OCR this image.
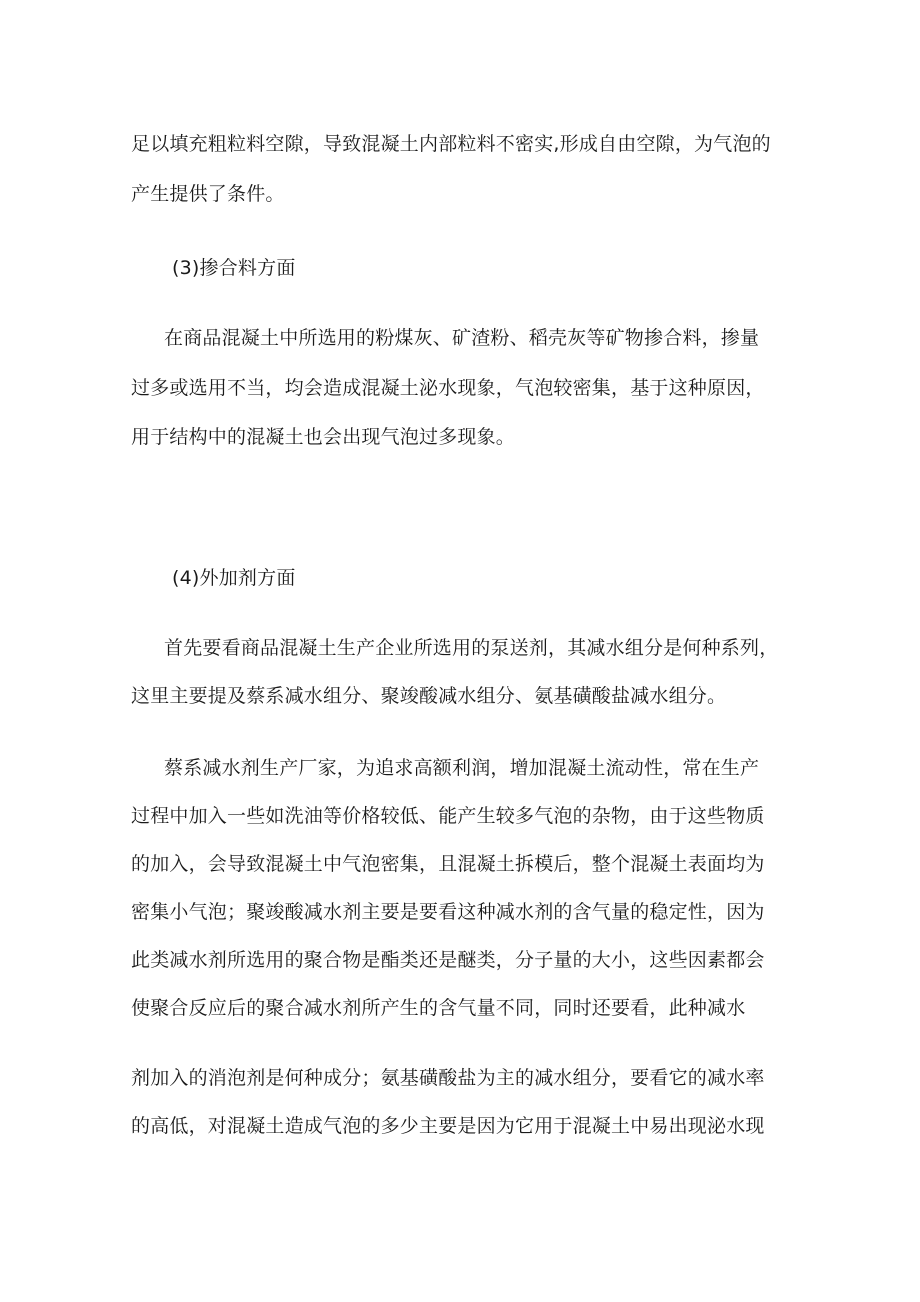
足以填充粗粒料空隙，导致混凝土内部粒料不密实,形成自由空隙，为气泡的
产生提供了条件。
(3)掺合料方面
在商品混凝土中所选用的粉煤灰、矿渣粉、稻壳灰等矿物掺合料，掺量
过多或选用不当，均会造成混凝土泌水现象，气泡较密集，基于这种原因，
用于结构中的混凝土也会出现气泡过多现象。
(4)外加剂方面
首先要看商品混凝土生产企业所选用的泵送剂，其减水组分是何种系列，
这里主要提及蔡系减水组分、聚竣酸减水组分、氨基磺酸盐减水组分。
蔡系减水剂生产厂家，为追求高额利润，增加混凝土流动性，常在生产
过程中加入一些如洗油等价格较低、能产生较多气泡的杂物，由于这些物质
的加入，会导致混凝土中气泡密集，且混凝土拆模后，整个混凝土表面均为
密集小气泡；聚竣酸减水剂主要是要看这种减水剂的含气量的稳定性，因为
此类减水剂所选用的聚合物是酯类还是醚类，分子量的大小，这些因素都会
使聚合反应后的聚合减水剂所产生的含气量不同，同时还要看，此种减水
剂加入的消泡剂是何种成分；氨基磺酸盐为主的减水组分，要看它的减水率
的高低，对混凝土造成气泡的多少主要是因为它用于混凝土中易出现泌水现
